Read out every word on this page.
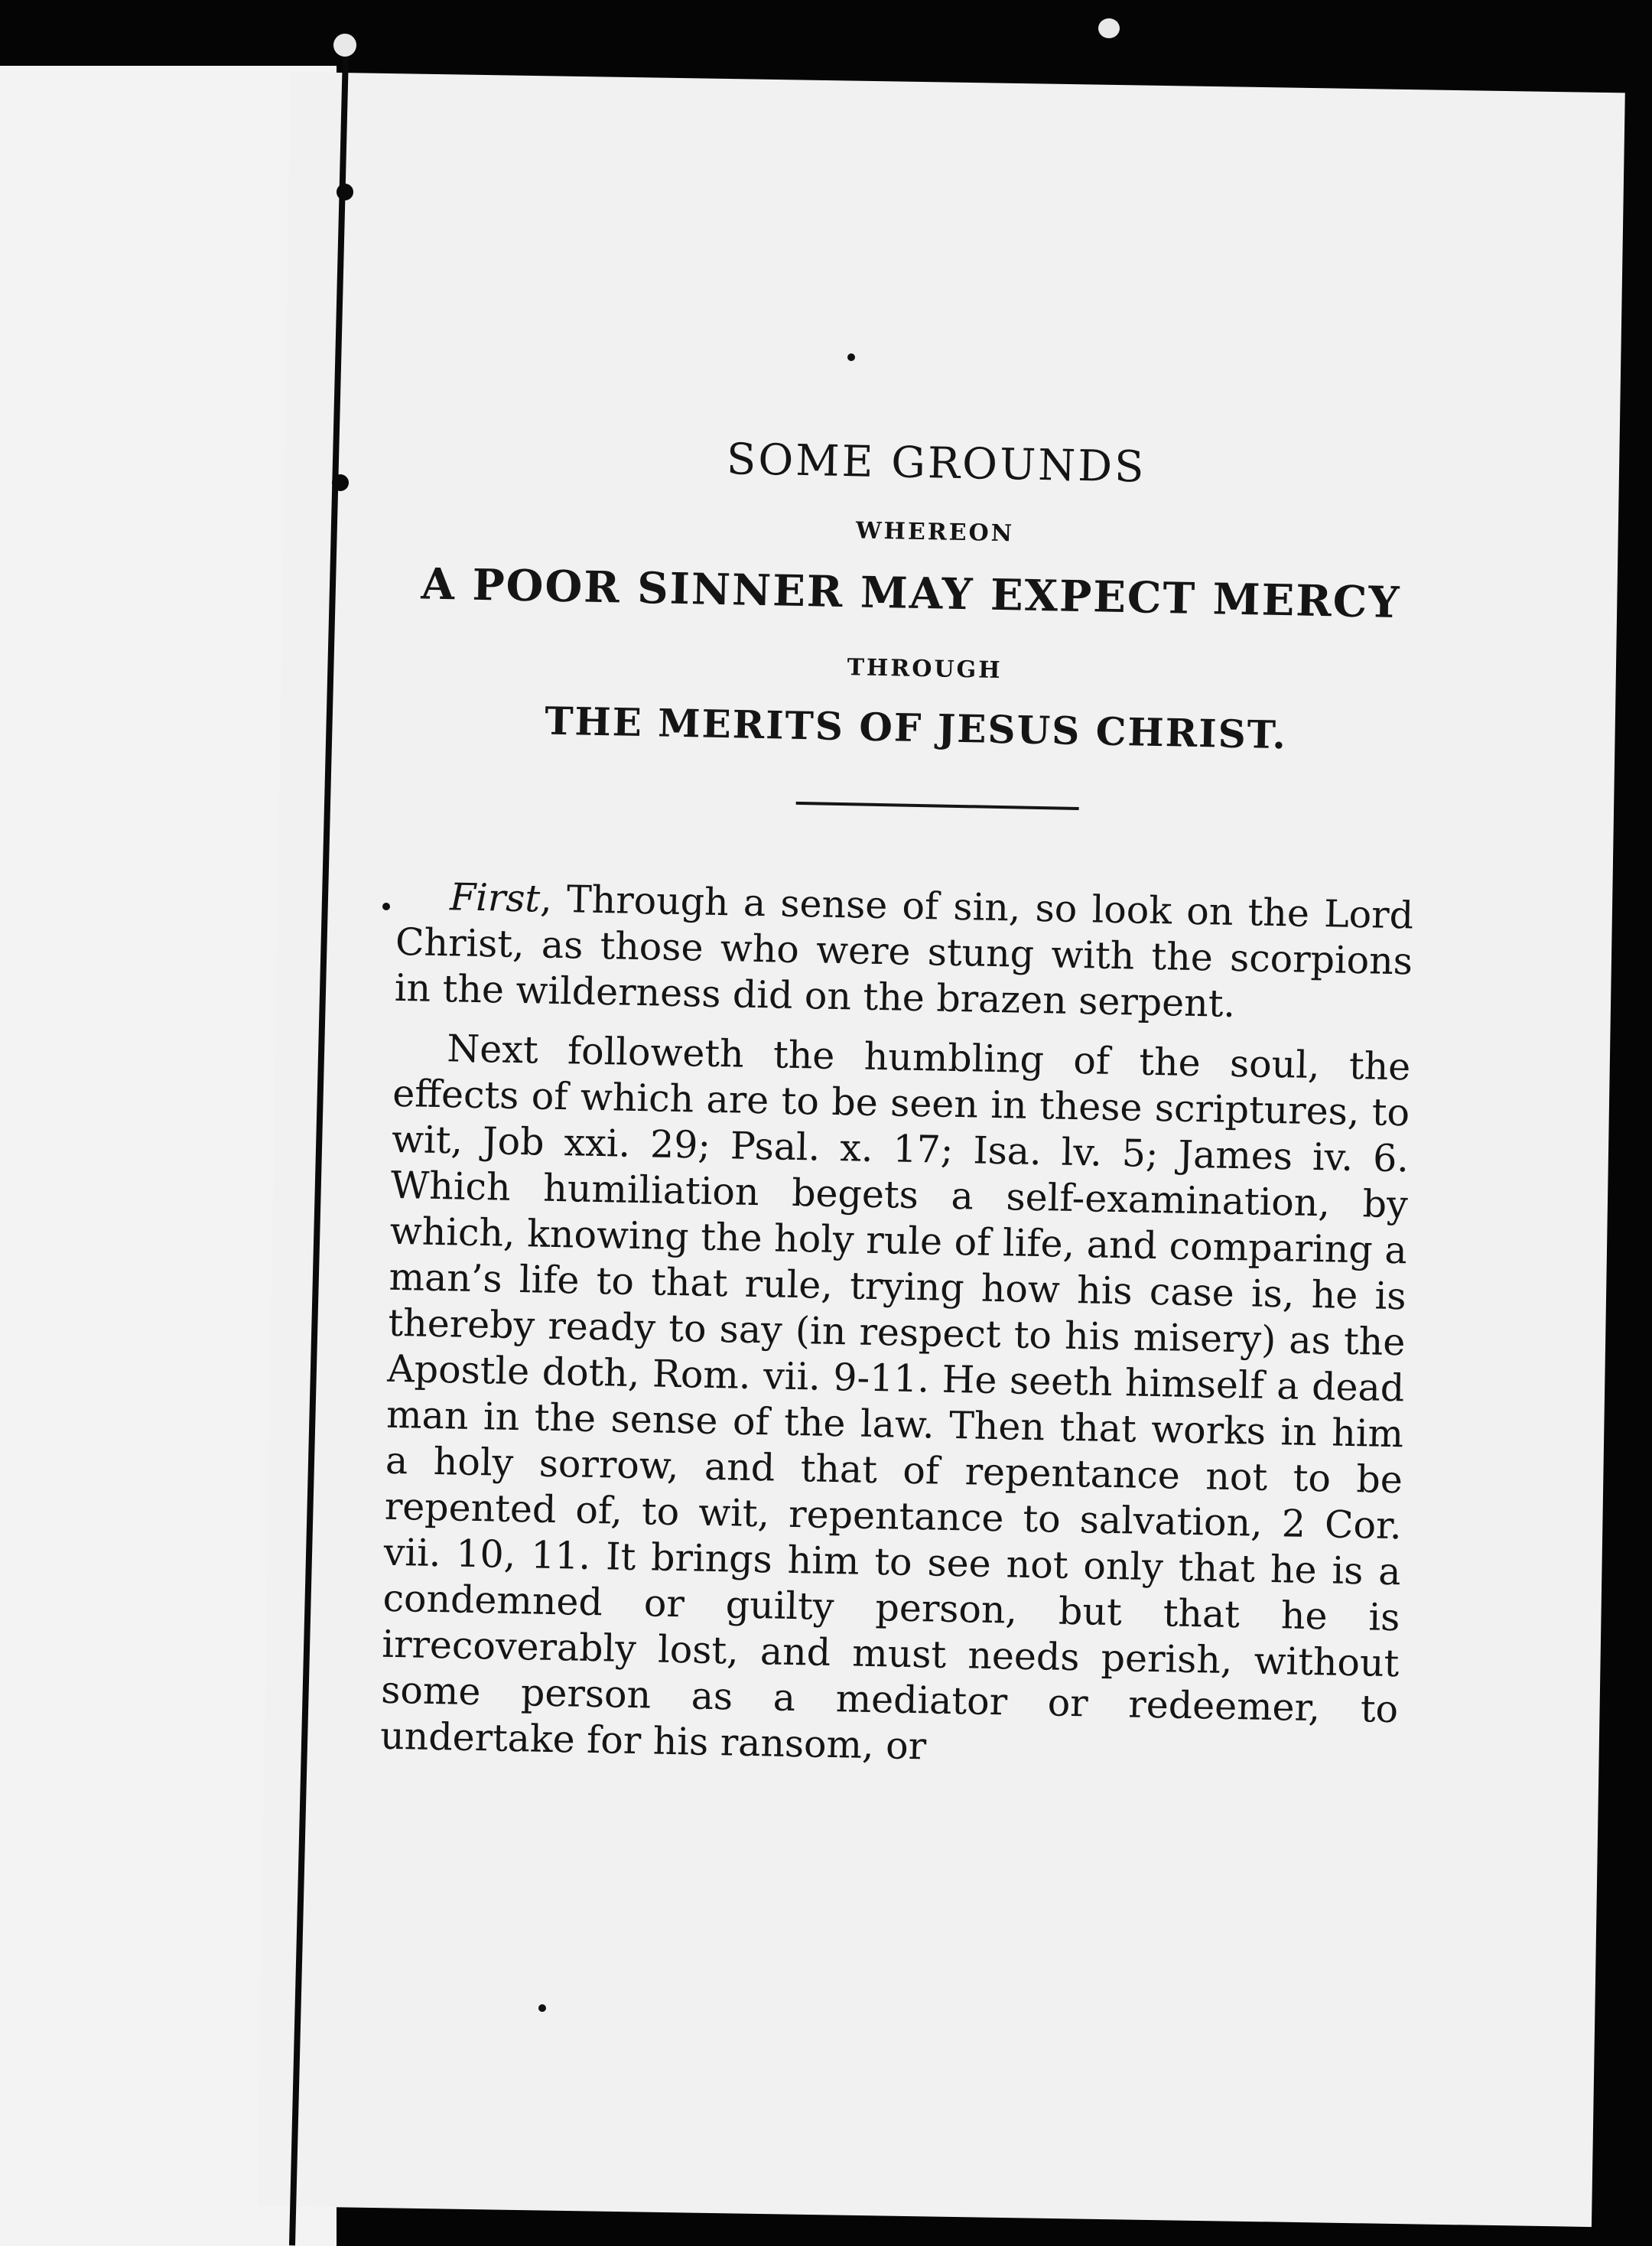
SOME GROUNDS
WHEREON
A POOR SINNER MAY EXPECT MERCY
THROUGH
THE MERITS OF JESUS CHRIST.

First, Through a sense of sin, so look on the Lord Christ, as those who were stung with the scorpions in the wilderness did on the brazen serpent.

Next followeth the humbling of the soul, the effects of which are to be seen in these scriptures, to wit, Job xxi. 29; Psal. x. 17; Isa. lv. 5; James iv. 6. Which humiliation begets a self-examination, by which, knowing the holy rule of life, and comparing a man’s life to that rule, trying how his case is, he is thereby ready to say (in respect to his misery) as the Apostle doth, Rom. vii. 9-11. He seeth himself a dead man in the sense of the law. Then that works in him a holy sorrow, and that of repentance not to be repented of, to wit, repentance to salvation, 2 Cor. vii. 10, 11. It brings him to see not only that he is a condemned or guilty person, but that he is irrecoverably lost, and must needs perish, without some person as a mediator or redeemer, to undertake for his ransom, or
